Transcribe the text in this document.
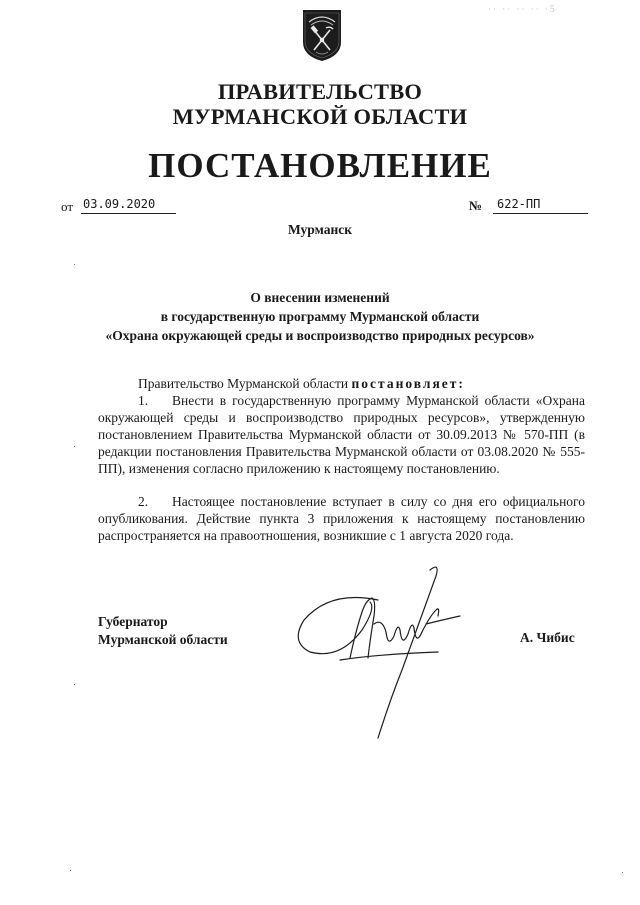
·· ·· ·· ·· ·5
ПРАВИТЕЛЬСТВО
МУРМАНСКОЙ ОБЛАСТИ
ПОСТАНОВЛЕНИЕ
от 03.09.2020	№	622-ПП
Мурманск
О внесении изменений
в государственную программу Мурманской области
«Охрана окружающей среды и воспроизводство природных ресурсов»
Правительство Мурманской области постановляет:
1. Внести в государственную программу Мурманской области «Охрана окружающей среды и воспроизводство природных ресурсов», утвержденную постановлением Правительства Мурманской области от 30.09.2013 № 570-ПП (в редакции постановления Правительства Мурманской области от 03.08.2020 № 555-ПП), изменения согласно приложению к настоящему постановлению.
2. Настоящее постановление вступает в силу со дня его официального опубликования. Действие пункта 3 приложения к настоящему постановлению распространяется на правоотношения, возникшие с 1 августа 2020 года.
Губернатор
Мурманской области	А. Чибис
